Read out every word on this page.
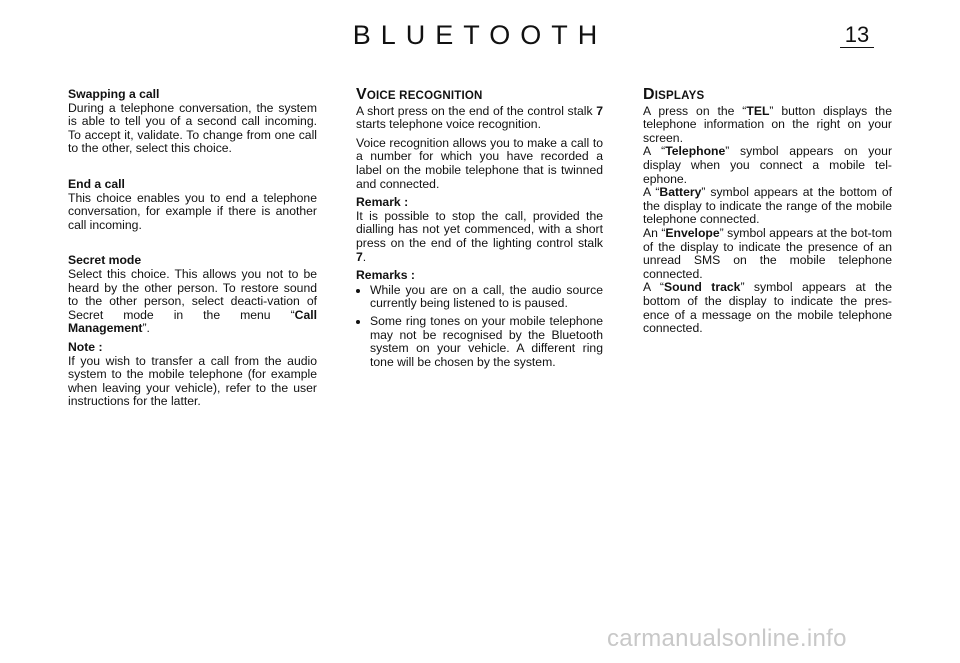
BLUETOOTH	13
Swapping a call
During a telephone conversation, the system is able to tell you of a second call incoming. To accept it, validate. To change from one call to the other, select this choice.
End a call
This choice enables you to end a telephone conversation, for example if there is another call incoming.
Secret mode
Select this choice. This allows you not to be heard by the other person. To restore sound to the other person, select deacti-vation of Secret mode in the menu “Call Management”.
Note :
If you wish to transfer a call from the audio system to the mobile telephone (for example when leaving your vehicle), refer to the user instructions for the latter.
VOICE RECOGNITION
A short press on the end of the control stalk 7 starts telephone voice recognition.
Voice recognition allows you to make a call to a number for which you have recorded a label on the mobile telephone that is twinned and connected.
Remark :
It is possible to stop the call, provided the dialling has not yet commenced, with a short press on the end of the lighting control stalk 7.
Remarks :
• While you are on a call, the audio source currently being listened to is paused.
• Some ring tones on your mobile telephone may not be recognised by the Bluetooth system on your vehicle. A different ring tone will be chosen by the system.
DISPLAYS
A press on the “TEL” button displays the telephone information on the right on your screen.
A “Telephone” symbol appears on your display when you connect a mobile tel-ephone.
A “Battery” symbol appears at the bottom of the display to indicate the range of the mobile telephone connected.
An “Envelope” symbol appears at the bot-tom of the display to indicate the presence of an unread SMS on the mobile telephone connected.
A “Sound track” symbol appears at the bottom of the display to indicate the pres-ence of a message on the mobile telephone connected.
carmanualsonline.info
